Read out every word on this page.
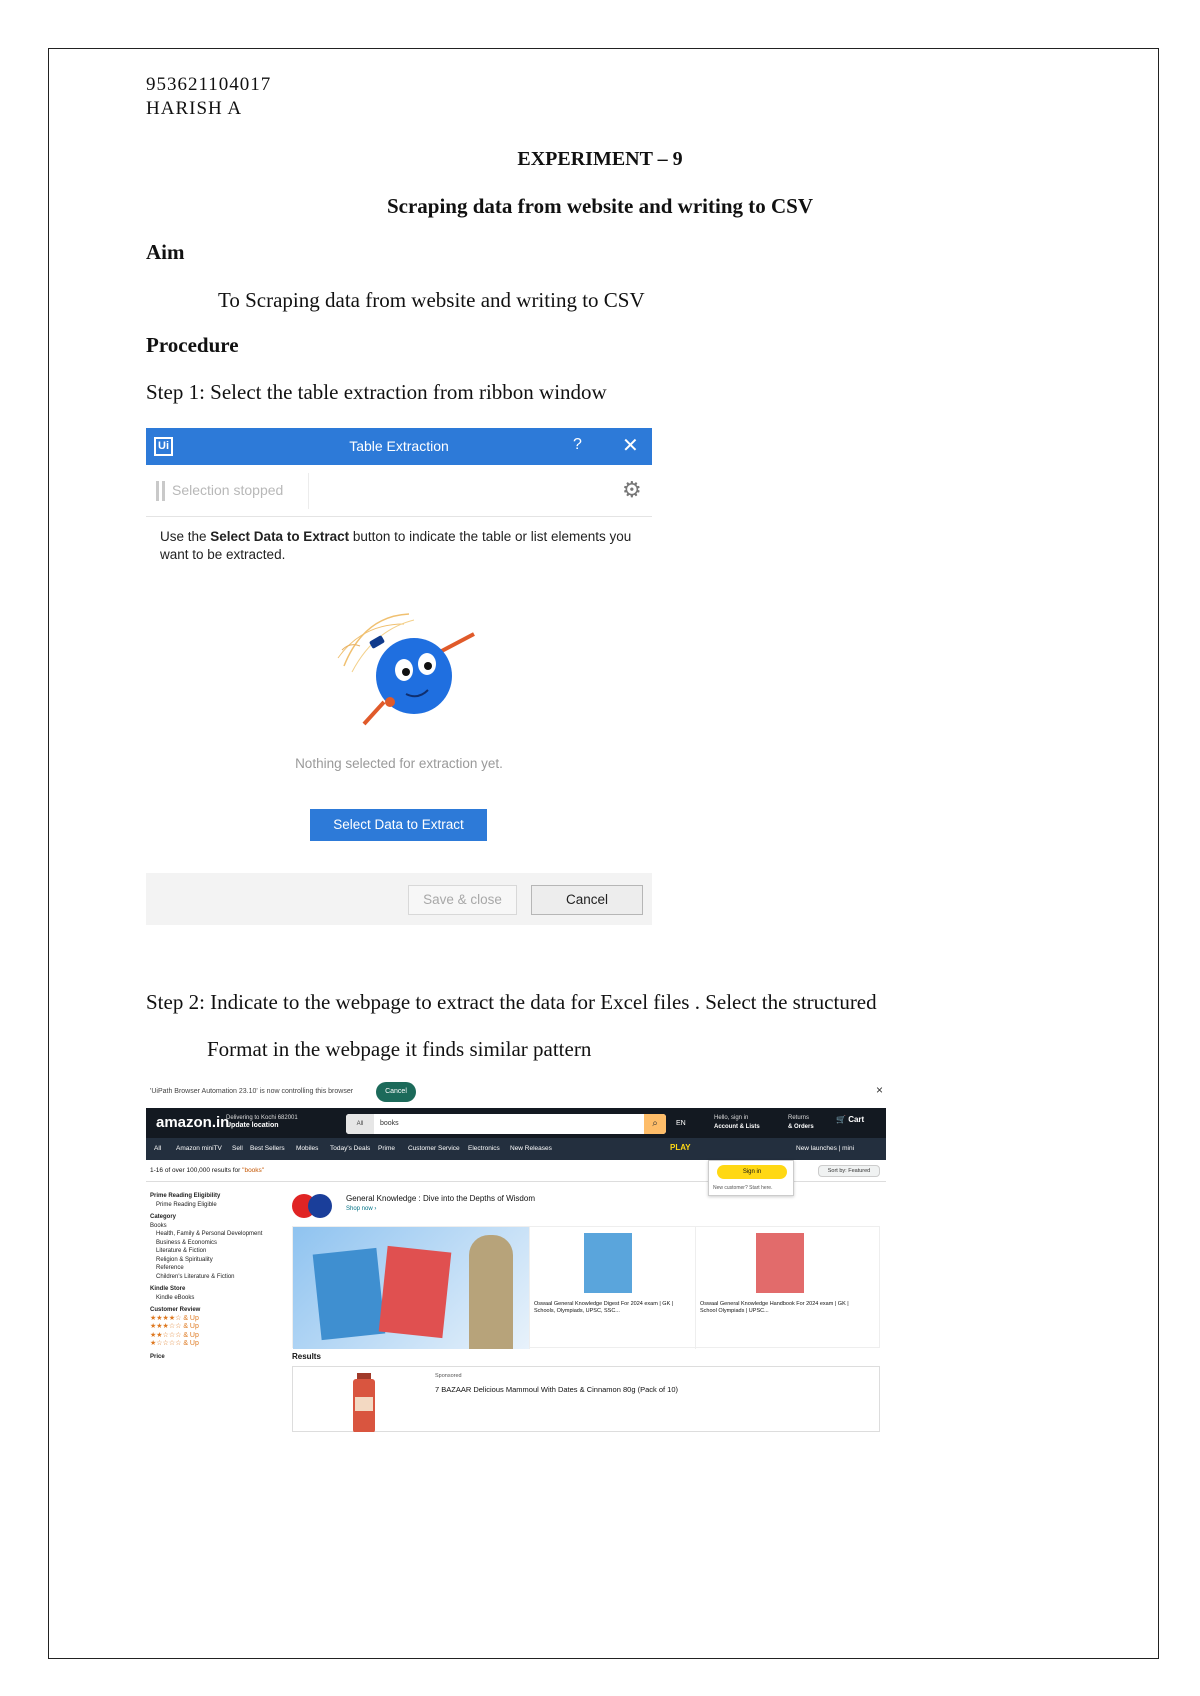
953621104017
HARISH A
EXPERIMENT – 9
Scraping data from website and writing to CSV
Aim
To Scraping data from website and writing to CSV
Procedure
Step 1: Select the table extraction from ribbon window
Ui	Table Extraction	? ✕
Selection stopped	⚙
Use the Select Data to Extract button to indicate the table or list elements you want to be extracted.
Nothing selected for extraction yet.
Select Data to Extract
Save & close	Cancel
Step 2: Indicate to the webpage to extract the data for Excel files . Select the structured
Format in the webpage it finds similar pattern
'UiPath Browser Automation 23.10' is now controlling this browser	Cancel	×
amazon.in
Delivering to Kochi 682001
Update location	All	books	⌕	EN
Hello, sign in
Account & Lists
Returns
& Orders
🛒 Cart
All Amazon miniTV Sell Best Sellers Mobiles Today's Deals Prime Customer Service Electronics New Releases	PLAY	New launches | mini
1-16 of over 100,000 results for "books"	Sort by: Featured
Sign in
New customer? Start here.
Prime Reading Eligibility
Prime Reading Eligible
Category
Books
Health, Family & Personal Development
Business & Economics
Literature & Fiction
Religion & Spirituality
Reference
Children's Literature & Fiction
Kindle Store
Kindle eBooks
Customer Review
★★★★☆ & Up
★★★☆☆ & Up
★★☆☆☆ & Up
★☆☆☆☆ & Up
Price
General Knowledge : Dive into the Depths of Wisdom
Shop now ›
Oswaal General Knowledge Digest For 2024 exam | GK | Schools, Olympiads, UPSC, SSC...
Oswaal General Knowledge Handbook For 2024 exam | GK | School Olympiads | UPSC...
Results
Sponsored
7 BAZAAR Delicious Mammoul With Dates & Cinnamon 80g (Pack of 10)
